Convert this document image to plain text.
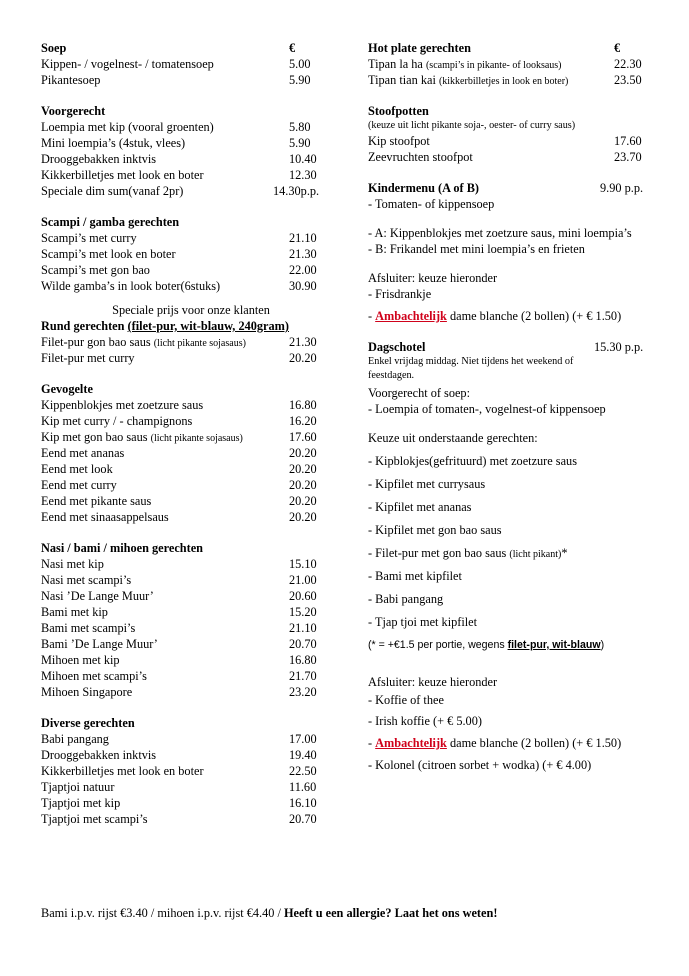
Soep	€
Kippen- / vogelnest- / tomatensoep	5.00
Pikantesoep	5.90
Voorgerecht
Loempia met kip (vooral groenten)	5.80
Mini loempia’s (4stuk, vlees)	5.90
Drooggebakken inktvis	10.40
Kikkerbilletjes met look en boter	12.30
Speciale dim sum(vanaf 2pr)	14.30p.p.
Scampi / gamba gerechten
Scampi’s met curry	21.10
Scampi’s met look en boter	21.30
Scampi’s met gon bao	22.00
Wilde gamba’s in look boter(6stuks)	30.90
Speciale prijs voor onze klanten
Rund gerechten (filet-pur, wit-blauw, 240gram)
Filet-pur gon bao saus (licht pikante sojasaus)	21.30
Filet-pur met curry	20.20
Gevogelte
Kippenblokjes met zoetzure saus	16.80
Kip met curry / - champignons	16.20
Kip met gon bao saus (licht pikante sojasaus)	17.60
Eend met ananas	20.20
Eend met look	20.20
Eend met curry	20.20
Eend met pikante saus	20.20
Eend met sinaasappelsaus	20.20
Nasi / bami / mihoen gerechten
Nasi met kip	15.10
Nasi met scampi’s	21.00
Nasi ’De Lange Muur’	20.60
Bami met kip	15.20
Bami met scampi’s	21.10
Bami ’De Lange Muur’	20.70
Mihoen met kip	16.80
Mihoen met scampi’s	21.70
Mihoen Singapore	23.20
Diverse gerechten
Babi pangang	17.00
Drooggebakken inktvis	19.40
Kikkerbilletjes met look en boter	22.50
Tjaptjoi natuur	11.60
Tjaptjoi met kip	16.10
Tjaptjoi met scampi’s	20.70
Hot plate gerechten	€
Tipan la ha (scampi’s in pikante- of looksaus)	22.30
Tipan tian kai (kikkerbilletjes in look en boter)	23.50
Stoofpotten
(keuze uit licht pikante soja-, oester- of curry saus)
Kip stoofpot	17.60
Zeevruchten stoofpot	23.70
Kindermenu (A of B)	9.90 p.p.
- Tomaten- of kippensoep
- A: Kippenblokjes met zoetzure saus, mini loempia’s
- B: Frikandel met mini loempia’s en frieten
Afsluiter: keuze hieronder
- Frisdrankje
- Ambachtelijk dame blanche (2 bollen) (+ € 1.50)
Dagschotel	15.30 p.p.
Enkel vrijdag middag. Niet tijdens het weekend of feestdagen.
Voorgerecht of soep:
- Loempia of tomaten-, vogelnest-of kippensoep
Keuze uit onderstaande gerechten:
- Kipblokjes(gefrituurd) met zoetzure saus
- Kipfilet met currysaus
- Kipfilet met ananas
- Kipfilet met gon bao saus
- Filet-pur met gon bao saus (licht pikant)*
- Bami met kipfilet
- Babi pangang
- Tjap tjoi met kipfilet
(* = +€1.5 per portie, wegens filet-pur, wit-blauw)
Afsluiter: keuze hieronder
- Koffie of thee
- Irish koffie (+ € 5.00)
- Ambachtelijk dame blanche (2 bollen) (+ € 1.50)
- Kolonel (citroen sorbet + wodka) (+ € 4.00)
Bami i.p.v. rijst €3.40 / mihoen i.p.v. rijst €4.40 / Heeft u een allergie? Laat het ons weten!
